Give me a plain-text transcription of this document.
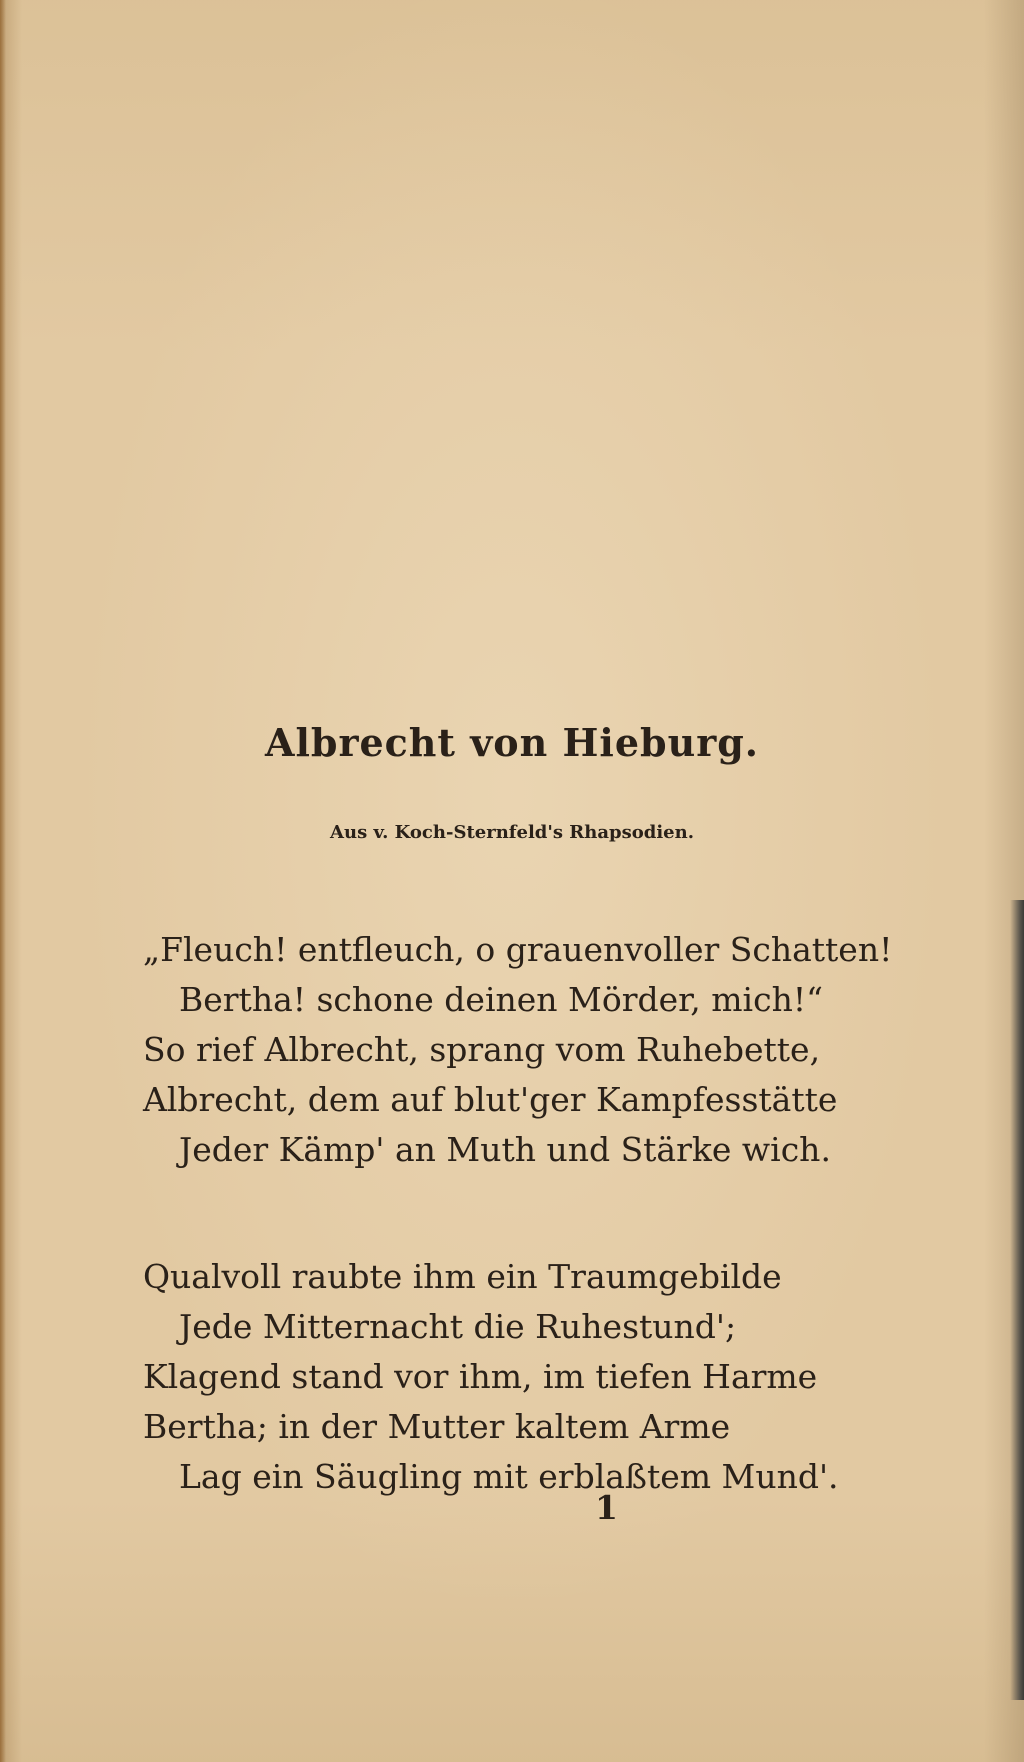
Albrecht von Hieburg.
Aus v. Koch-Sternfeld's Rhapsodien.
„Fleuch! entfleuch, o grauenvoller Schatten!
Bertha! schone deinen Mörder, mich!“
So rief Albrecht, sprang vom Ruhebette,
Albrecht, dem auf blut'ger Kampfesstätte
Jeder Kämp' an Muth und Stärke wich.
Qualvoll raubte ihm ein Traumgebilde
Jede Mitternacht die Ruhestund';
Klagend stand vor ihm, im tiefen Harme
Bertha; in der Mutter kaltem Arme
Lag ein Säugling mit erblaßtem Mund'.
1
